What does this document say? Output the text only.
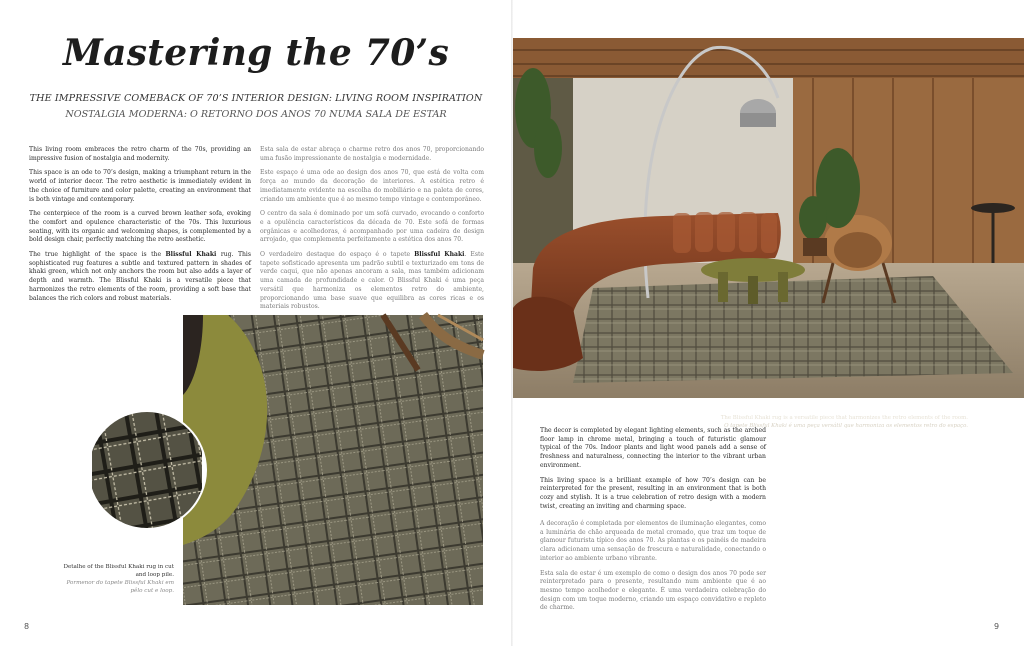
Mastering the 70’s
THE IMPRESSIVE COMEBACK OF 70’S INTERIOR DESIGN: LIVING ROOM INSPIRATION
NOSTALGIA MODERNA: O RETORNO DOS ANOS 70 NUMA SALA DE ESTAR

This living room embraces the retro charm of the 70s, providing an impressive fusion of nostalgia and modernity.

This space is an ode to 70’s design, making a triumphant return in the world of interior decor. The retro aesthetic is immediately evident in the choice of furniture and color palette, creating an environment that is both vintage and contemporary.

The centerpiece of the room is a curved brown leather sofa, evoking the comfort and opulence characteristic of the 70s. This luxurious seating, with its organic and welcoming shapes, is complemented by a bold design chair, perfectly matching the retro aesthetic.

The true highlight of the space is the Blissful Khaki rug. This sophisticated rug features a subtle and textured pattern in shades of khaki green, which not only anchors the room but also adds a layer of depth and warmth. The Blissful Khaki is a versatile piece that harmonizes the retro elements of the room, providing a soft base that balances the rich colors and robust materials.

Esta sala de estar abraça o charme retro dos anos 70, proporcionando uma fusão impressionante de nostalgia e modernidade.

Este espaço é uma ode ao design dos anos 70, que está de volta com força ao mundo da decoração de interiores. A estética retro é imediatamente evidente na escolha do mobiliário e na paleta de cores, criando um ambiente que é ao mesmo tempo vintage e contemporâneo.

O centro da sala é dominado por um sofá curvado, evocando o conforto e a opulência característicos da década de 70. Este sofá de formas orgânicas e acolhedoras, é acompanhado por uma cadeira de design arrojado, que complementa perfeitamente a estética dos anos 70.

O verdadeiro destaque do espaço é o tapete Blissful Khaki. Este tapete sofisticado apresenta um padrão subtil e texturizado em tons de verde caqui, que não apenas ancoram a sala, mas também adicionam uma camada de profundidade e calor. O Blissful Khaki é uma peça versátil que harmoniza os elementos retro do ambiente, proporcionando uma base suave que equilibra as cores ricas e os materiais robustos.

Detalhe of the Blissful Khaki rug in cut and loop pile.
Pormenor do tapete Blissful Khaki em pêlo cut e loop.
8
The Blissful Khaki rug is a versatile piece that harmonizes the retro elements of the room.
O tapete Blissful Khaki é uma peça versátil que harmoniza os elementos retro do espaço.

The decor is completed by elegant lighting elements, such as the arched floor lamp in chrome metal, bringing a touch of futuristic glamour typical of the 70s. Indoor plants and light wood panels add a sense of freshness and naturalness, connecting the interior to the vibrant urban environment.

This living space is a brilliant example of how 70’s design can be reinterpreted for the present, resulting in an environment that is both cozy and stylish. It is a true celebration of retro design with a modern twist, creating an inviting and charming space.

A decoração é completada por elementos de iluminação elegantes, como a luminária de chão arqueada de metal cromado, que traz um toque de glamour futurista típico dos anos 70. As plantas e os painéis de madeira clara adicionam uma sensação de frescura e naturalidade, conectando o interior ao ambiente urbano vibrante.

Esta sala de estar é um exemplo de como o design dos anos 70 pode ser reinterpretado para o presente, resultando num ambiente que é ao mesmo tempo acolhedor e elegante. É uma verdadeira celebração do design com um toque moderno, criando um espaço convidativo e repleto de charme.

9
